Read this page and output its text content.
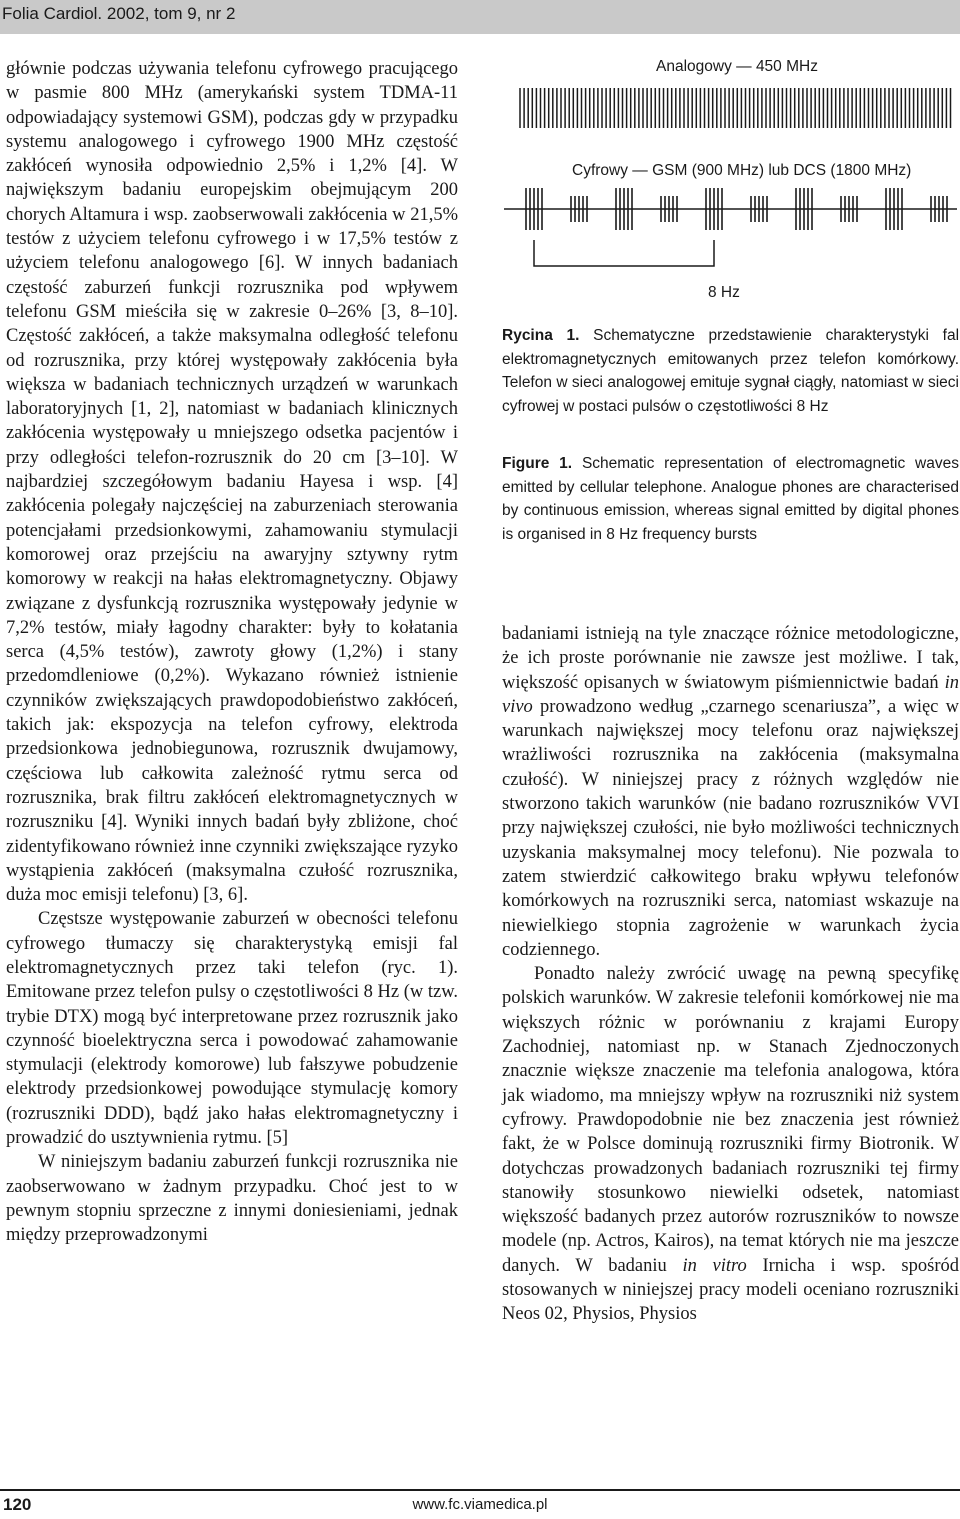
Folia Cardiol. 2002, tom 9, nr 2

głównie podczas używania telefonu cyfrowego pracującego w pasmie 800 MHz (amerykański system TDMA-11 odpowiadający systemowi GSM), podczas gdy w przypadku systemu analogowego i cyfrowego 1900 MHz częstość zakłóceń wynosiła odpowiednio 2,5% i 1,2% [4]. W największym badaniu europejskim obejmującym 200 chorych Altamura i wsp. zaobserwowali zakłócenia w 21,5% testów z użyciem telefonu cyfrowego i w 17,5% testów z użyciem telefonu analogowego [6]. W innych badaniach częstość zaburzeń funkcji rozrusznika pod wpływem telefonu GSM mieściła się w zakresie 0–26% [3, 8–10]. Częstość zakłóceń, a także maksymalna odległość telefonu od rozrusznika, przy której występowały zakłócenia była większa w badaniach technicznych urządzeń w warunkach laboratoryjnych [1, 2], natomiast w badaniach klinicznych zakłócenia występowały u mniejszego odsetka pacjentów i przy odległości telefon-rozrusznik do 20 cm [3–10]. W najbardziej szczegółowym badaniu Hayesa i wsp. [4] zakłócenia polegały najczęściej na zaburzeniach sterowania potencjałami przedsionkowymi, zahamowaniu stymulacji komorowej oraz przejściu na awaryjny sztywny rytm komorowy w reakcji na hałas elektromagnetyczny. Objawy związane z dysfunkcją rozrusznika występowały jedynie w 7,2% testów, miały łagodny charakter: były to kołatania serca (4,5% testów), zawroty głowy (1,2%) i stany przedomdleniowe (0,2%). Wykazano również istnienie czynników zwiększających prawdopodobieństwo zakłóceń, takich jak: ekspozycja na telefon cyfrowy, elektroda przedsionkowa jednobiegunowa, rozrusznik dwujamowy, częściowa lub całkowita zależność rytmu serca od rozrusznika, brak filtru zakłóceń elektromagnetycznych w rozruszniku [4]. Wyniki innych badań były zbliżone, choć zidentyfikowano również inne czynniki zwiększające ryzyko wystąpienia zakłóceń (maksymalna czułość rozrusznika, duża moc emisji telefonu) [3, 6].

Częstsze występowanie zaburzeń w obecności telefonu cyfrowego tłumaczy się charakterystyką emisji fal elektromagnetycznych przez taki telefon (ryc. 1). Emitowane przez telefon pulsy o częstotliwości 8 Hz (w tzw. trybie DTX) mogą być interpretowane przez rozrusznik jako czynność bioelektryczna serca i powodować zahamowanie stymulacji (elektrody komorowe) lub fałszywe pobudzenie elektrody przedsionkowej powodujące stymulację komory (rozruszniki DDD), bądź jako hałas elektromagnetyczny i prowadzić do usztywnienia rytmu. [5]

W niniejszym badaniu zaburzeń funkcji rozrusznika nie zaobserwowano w żadnym przypadku. Choć jest to w pewnym stopniu sprzeczne z innymi doniesieniami, jednak między przeprowadzonymi

Analogowy — 450 MHz
Cyfrowy — GSM (900 MHz) lub DCS (1800 MHz)
8 Hz
Rycina 1. Schematyczne przedstawienie charakterystyki fal elektromagnetycznych emitowanych przez telefon komórkowy. Telefon w sieci analogowej emituje sygnał ciągły, natomiast w sieci cyfrowej w postaci pulsów o częstotliwości 8 Hz
Figure 1. Schematic representation of electromagnetic waves emitted by cellular telephone. Analogue phones are characterised by continuous emission, whereas signal emitted by digital phones is organised in 8 Hz frequency bursts

badaniami istnieją na tyle znaczące różnice metodologiczne, że ich proste porównanie nie zawsze jest możliwe. I tak, większość opisanych w światowym piśmiennictwie badań in vivo prowadzono według „czarnego scenariusza”, a więc w warunkach największej mocy telefonu oraz największej wrażliwości rozrusznika na zakłócenia (maksymalna czułość). W niniejszej pracy z różnych względów nie stworzono takich warunków (nie badano rozruszników VVI przy największej czułości, nie było możliwości technicznych uzyskania maksymalnej mocy telefonu). Nie pozwala to zatem stwierdzić całkowitego braku wpływu telefonów komórkowych na rozruszniki serca, natomiast wskazuje na niewielkiego stopnia zagrożenie w warunkach życia codziennego.

Ponadto należy zwrócić uwagę na pewną specyfikę polskich warunków. W zakresie telefonii komórkowej nie ma większych różnic w porównaniu z krajami Europy Zachodniej, natomiast np. w Stanach Zjednoczonych znacznie większe znaczenie ma telefonia analogowa, która jak wiadomo, ma mniejszy wpływ na rozruszniki niż system cyfrowy. Prawdopodobnie nie bez znaczenia jest również fakt, że w Polsce dominują rozruszniki firmy Biotronik. W dotychczas prowadzonych badaniach rozruszniki tej firmy stanowiły stosunkowo niewielki odsetek, natomiast większość badanych przez autorów rozruszników to nowsze modele (np. Actros, Kairos), na temat których nie ma jeszcze danych. W badaniu in vitro Irnicha i wsp. spośród stosowanych w niniejszej pracy modeli oceniano rozruszniki Neos 02, Physios, Physios

120	www.fc.viamedica.pl
